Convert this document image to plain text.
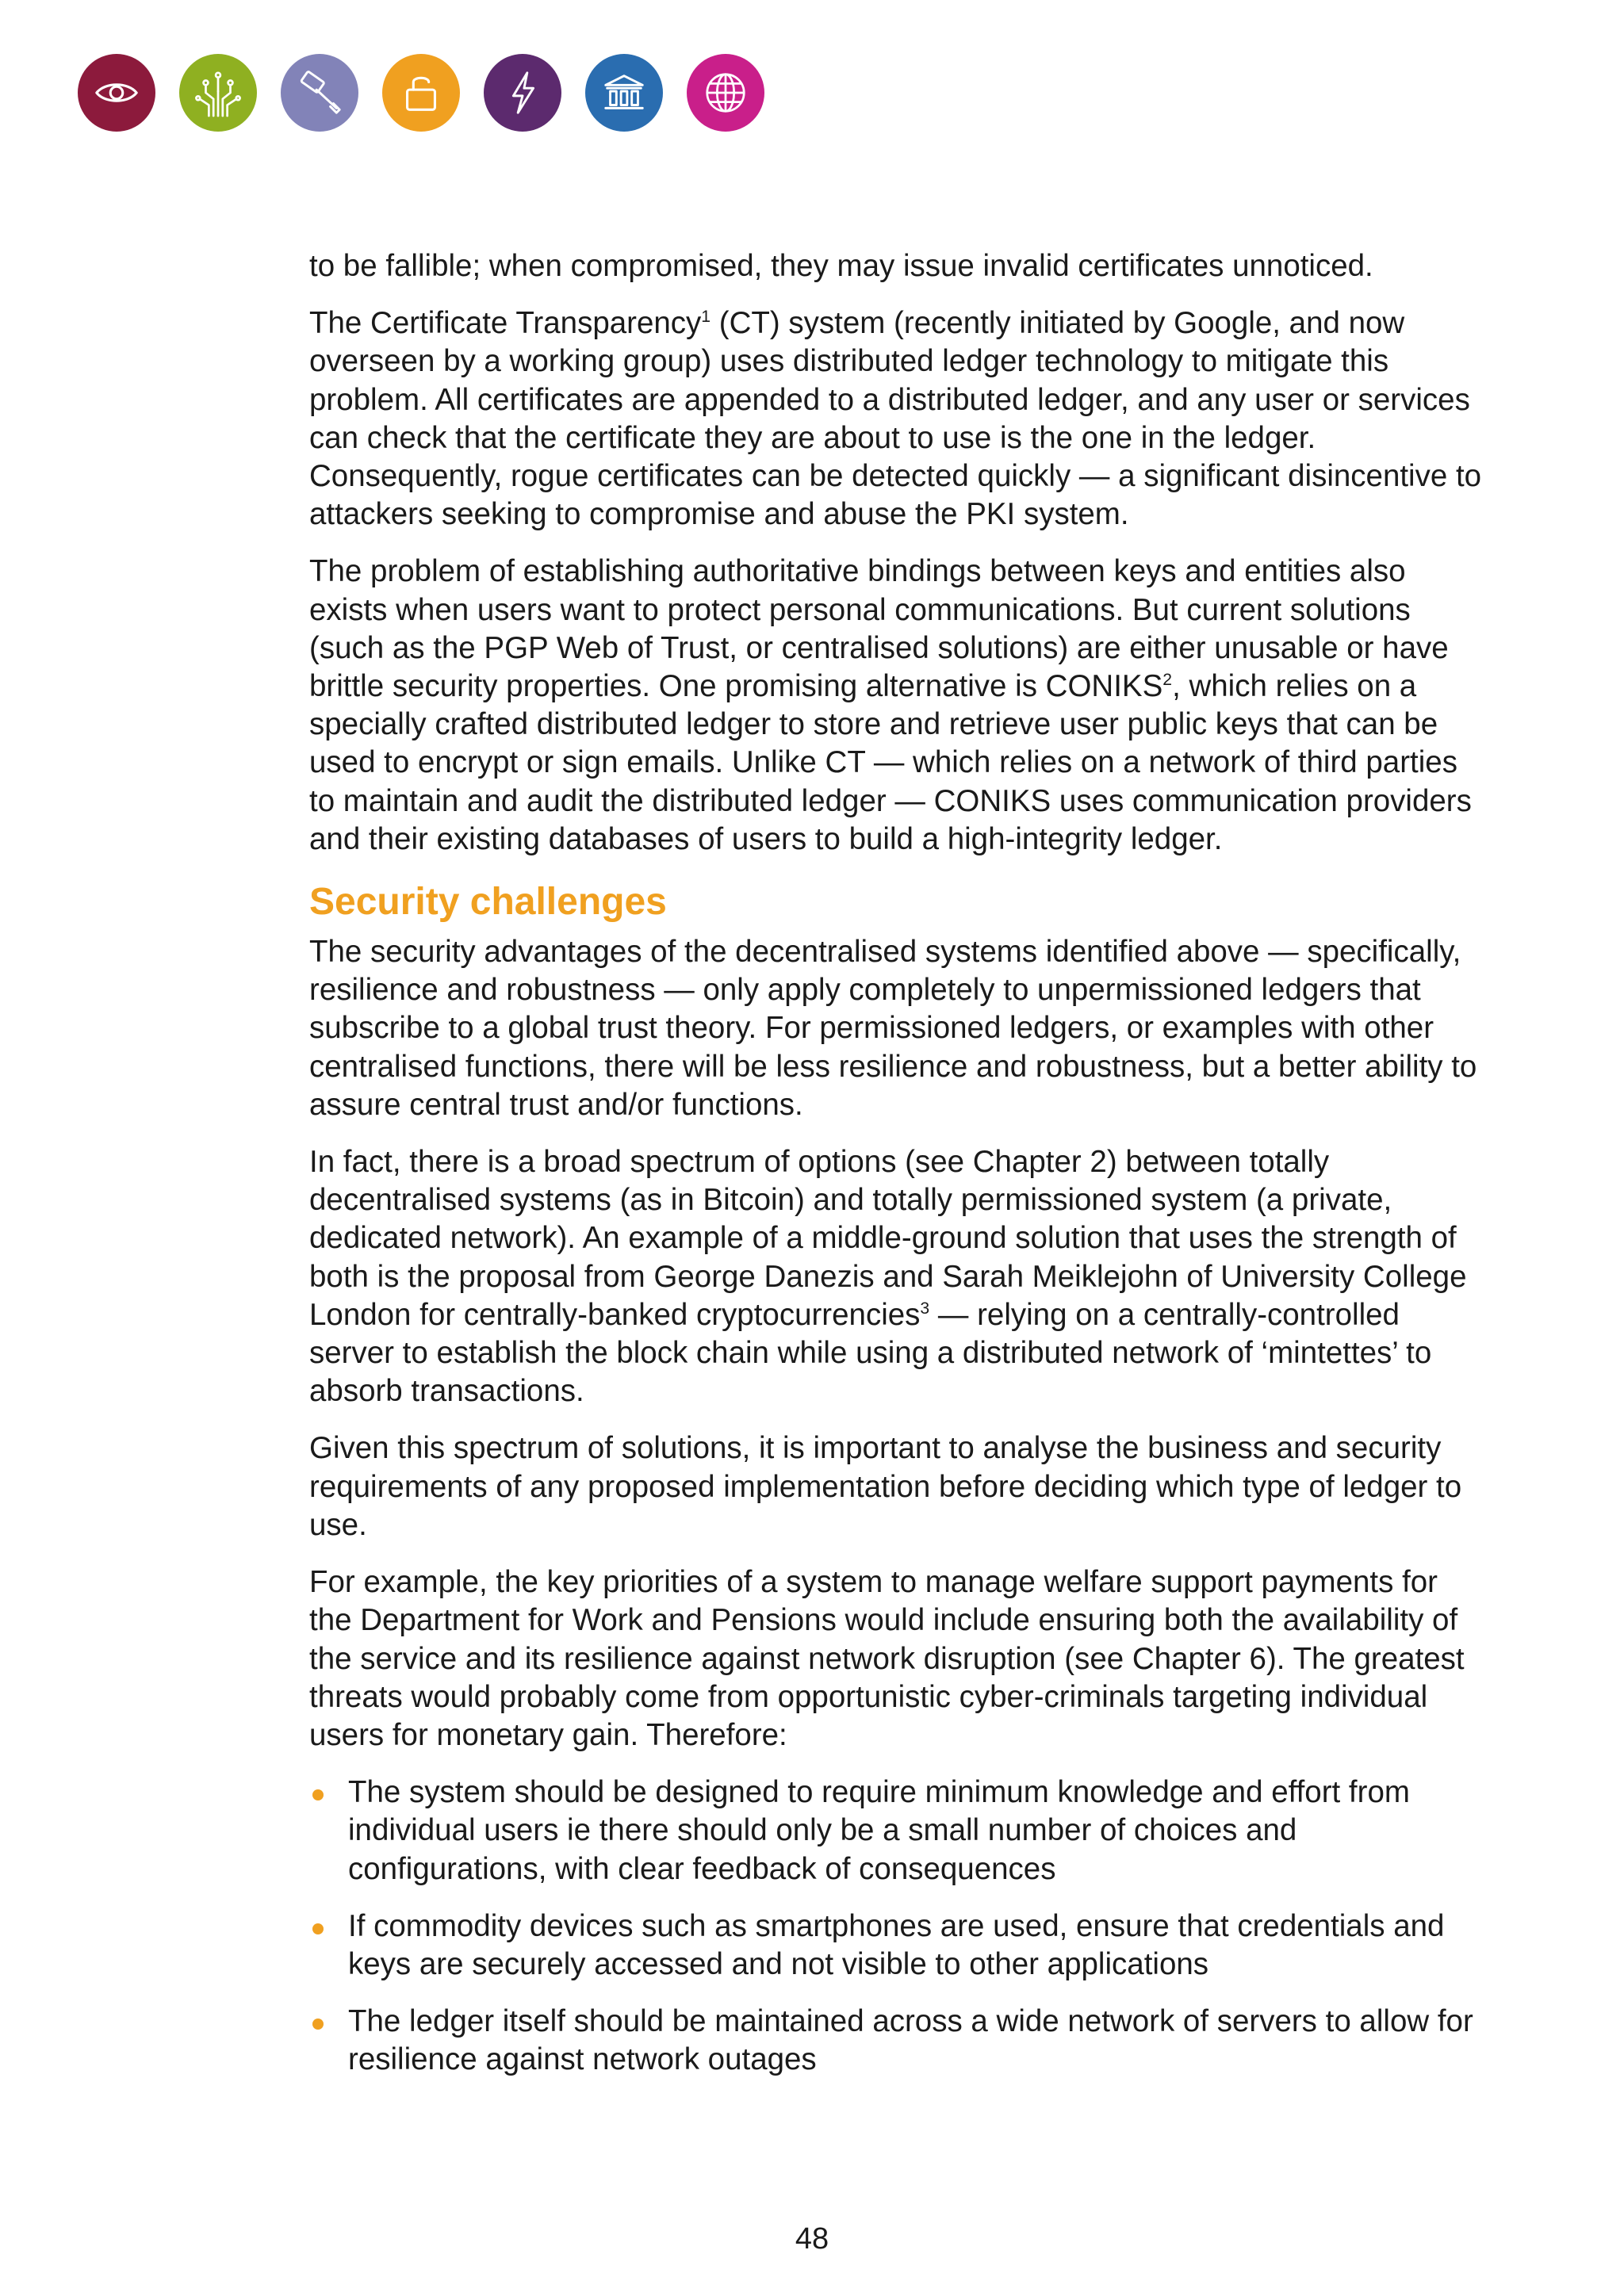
to be fallible; when compromised, they may issue invalid certificates unnoticed.

The Certificate Transparency$^1$ (CT) system (recently initiated by Google, and now overseen by a working group) uses distributed ledger technology to mitigate this problem. All certificates are appended to a distributed ledger, and any user or services can check that the certificate they are about to use is the one in the ledger. Consequently, rogue certificates can be detected quickly — a significant disincentive to attackers seeking to compromise and abuse the PKI system.

The problem of establishing authoritative bindings between keys and entities also exists when users want to protect personal communications. But current solutions (such as the PGP Web of Trust, or centralised solutions) are either unusable or have brittle security properties. One promising alternative is CONIKS$^2$, which relies on a specially crafted distributed ledger to store and retrieve user public keys that can be used to encrypt or sign emails. Unlike CT — which relies on a network of third parties to maintain and audit the distributed ledger — CONIKS uses communication providers and their existing databases of users to build a high-integrity ledger.

Security challenges

The security advantages of the decentralised systems identified above — specifically, resilience and robustness — only apply completely to unpermissioned ledgers that subscribe to a global trust theory. For permissioned ledgers, or examples with other centralised functions, there will be less resilience and robustness, but a better ability to assure central trust and/or functions.

In fact, there is a broad spectrum of options (see Chapter 2) between totally decentralised systems (as in Bitcoin) and totally permissioned system (a private, dedicated network). An example of a middle-ground solution that uses the strength of both is the proposal from George Danezis and Sarah Meiklejohn of University College London for centrally-banked cryptocurrencies$^3$ — relying on a centrally-controlled server to establish the block chain while using a distributed network of ‘mintettes’ to absorb transactions.

Given this spectrum of solutions, it is important to analyse the business and security requirements of any proposed implementation before deciding which type of ledger to use.

For example, the key priorities of a system to manage welfare support payments for the Department for Work and Pensions would include ensuring both the availability of the service and its resilience against network disruption (see Chapter 6). The greatest threats would probably come from opportunistic cyber-criminals targeting individual users for monetary gain. Therefore:

The system should be designed to require minimum knowledge and effort from individual users ie there should only be a small number of choices and configurations, with clear feedback of consequences
If commodity devices such as smartphones are used, ensure that credentials and keys are securely accessed and not visible to other applications
The ledger itself should be maintained across a wide network of servers to allow for resilience against network outages
48
